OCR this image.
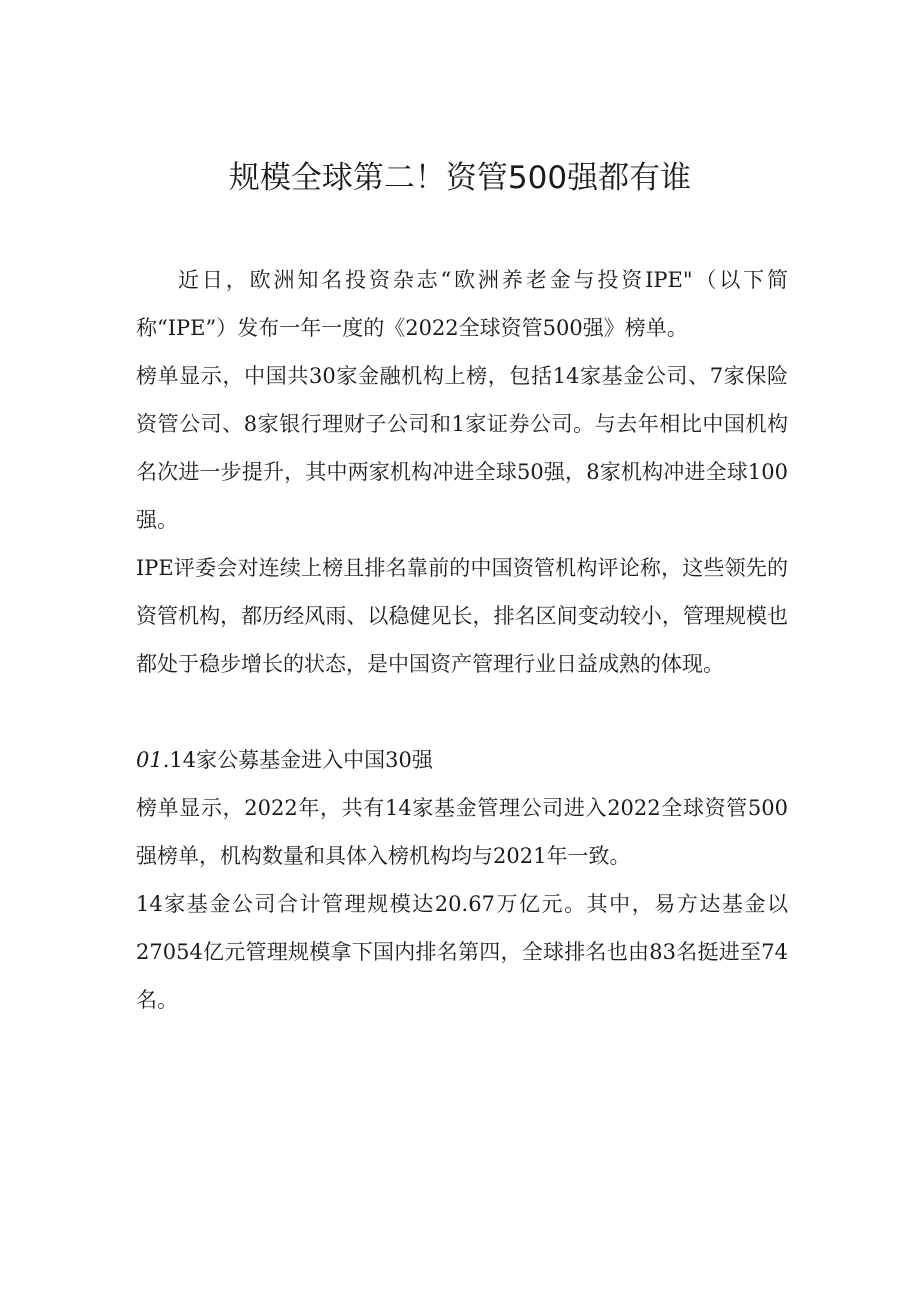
规模全球第二！资管500强都有谁

近日，欧洲知名投资杂志“欧洲养老金与投资IPE"（以下简称“IPE”）发布一年一度的《2022全球资管500强》榜单。

榜单显示，中国共30家金融机构上榜，包括14家基金公司、7家保险资管公司、8家银行理财子公司和1家证券公司。与去年相比中国机构名次进一步提升，其中两家机构冲进全球50强，8家机构冲进全球100强。

IPE评委会对连续上榜且排名靠前的中国资管机构评论称，这些领先的资管机构，都历经风雨、以稳健见长，排名区间变动较小，管理规模也都处于稳步增长的状态，是中国资产管理行业日益成熟的体现。

01.14家公募基金进入中国30强

榜单显示，2022年，共有14家基金管理公司进入2022全球资管500强榜单，机构数量和具体入榜机构均与2021年一致。

14家基金公司合计管理规模达20.67万亿元。其中，易方达基金以27054亿元管理规模拿下国内排名第四，全球排名也由83名挺进至74名。
